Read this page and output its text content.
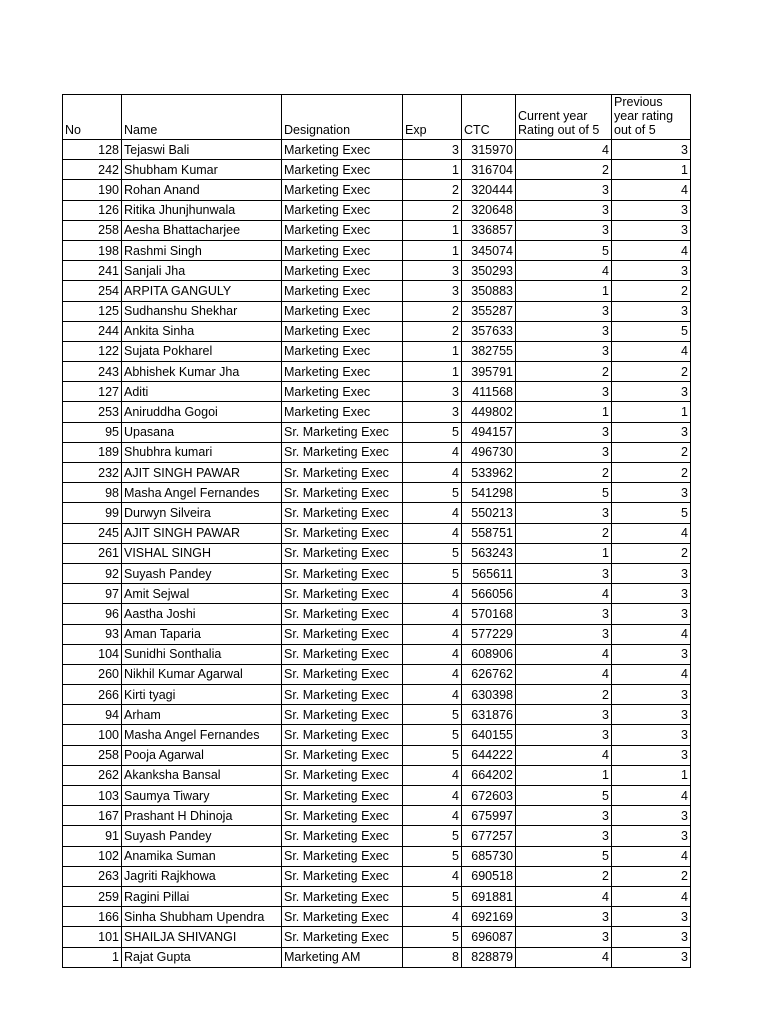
No	Name	Designation	Exp	CTC	Current year Rating out of 5	Previous year rating out of 5
128	Tejaswi Bali	Marketing Exec	3	315970	4	3
242	Shubham Kumar	Marketing Exec	1	316704	2	1
190	Rohan Anand	Marketing Exec	2	320444	3	4
126	Ritika Jhunjhunwala	Marketing Exec	2	320648	3	3
258	Aesha Bhattacharjee	Marketing Exec	1	336857	3	3
198	Rashmi Singh	Marketing Exec	1	345074	5	4
241	Sanjali Jha	Marketing Exec	3	350293	4	3
254	ARPITA GANGULY	Marketing Exec	3	350883	1	2
125	Sudhanshu Shekhar	Marketing Exec	2	355287	3	3
244	Ankita Sinha	Marketing Exec	2	357633	3	5
122	Sujata Pokharel	Marketing Exec	1	382755	3	4
243	Abhishek Kumar Jha	Marketing Exec	1	395791	2	2
127	Aditi	Marketing Exec	3	411568	3	3
253	Aniruddha Gogoi	Marketing Exec	3	449802	1	1
95	Upasana	Sr. Marketing Exec	5	494157	3	3
189	Shubhra kumari	Sr. Marketing Exec	4	496730	3	2
232	AJIT SINGH PAWAR	Sr. Marketing Exec	4	533962	2	2
98	Masha Angel Fernandes	Sr. Marketing Exec	5	541298	5	3
99	Durwyn Silveira	Sr. Marketing Exec	4	550213	3	5
245	AJIT SINGH PAWAR	Sr. Marketing Exec	4	558751	2	4
261	VISHAL SINGH	Sr. Marketing Exec	5	563243	1	2
92	Suyash Pandey	Sr. Marketing Exec	5	565611	3	3
97	Amit Sejwal	Sr. Marketing Exec	4	566056	4	3
96	Aastha Joshi	Sr. Marketing Exec	4	570168	3	3
93	Aman Taparia	Sr. Marketing Exec	4	577229	3	4
104	Sunidhi Sonthalia	Sr. Marketing Exec	4	608906	4	3
260	Nikhil Kumar Agarwal	Sr. Marketing Exec	4	626762	4	4
266	Kirti tyagi	Sr. Marketing Exec	4	630398	2	3
94	Arham	Sr. Marketing Exec	5	631876	3	3
100	Masha Angel Fernandes	Sr. Marketing Exec	5	640155	3	3
258	Pooja Agarwal	Sr. Marketing Exec	5	644222	4	3
262	Akanksha Bansal	Sr. Marketing Exec	4	664202	1	1
103	Saumya Tiwary	Sr. Marketing Exec	4	672603	5	4
167	Prashant H Dhinoja	Sr. Marketing Exec	4	675997	3	3
91	Suyash Pandey	Sr. Marketing Exec	5	677257	3	3
102	Anamika Suman	Sr. Marketing Exec	5	685730	5	4
263	Jagriti Rajkhowa	Sr. Marketing Exec	4	690518	2	2
259	Ragini Pillai	Sr. Marketing Exec	5	691881	4	4
166	Sinha Shubham Upendra	Sr. Marketing Exec	4	692169	3	3
101	SHAILJA SHIVANGI	Sr. Marketing Exec	5	696087	3	3
1	Rajat Gupta	Marketing AM	8	828879	4	3
